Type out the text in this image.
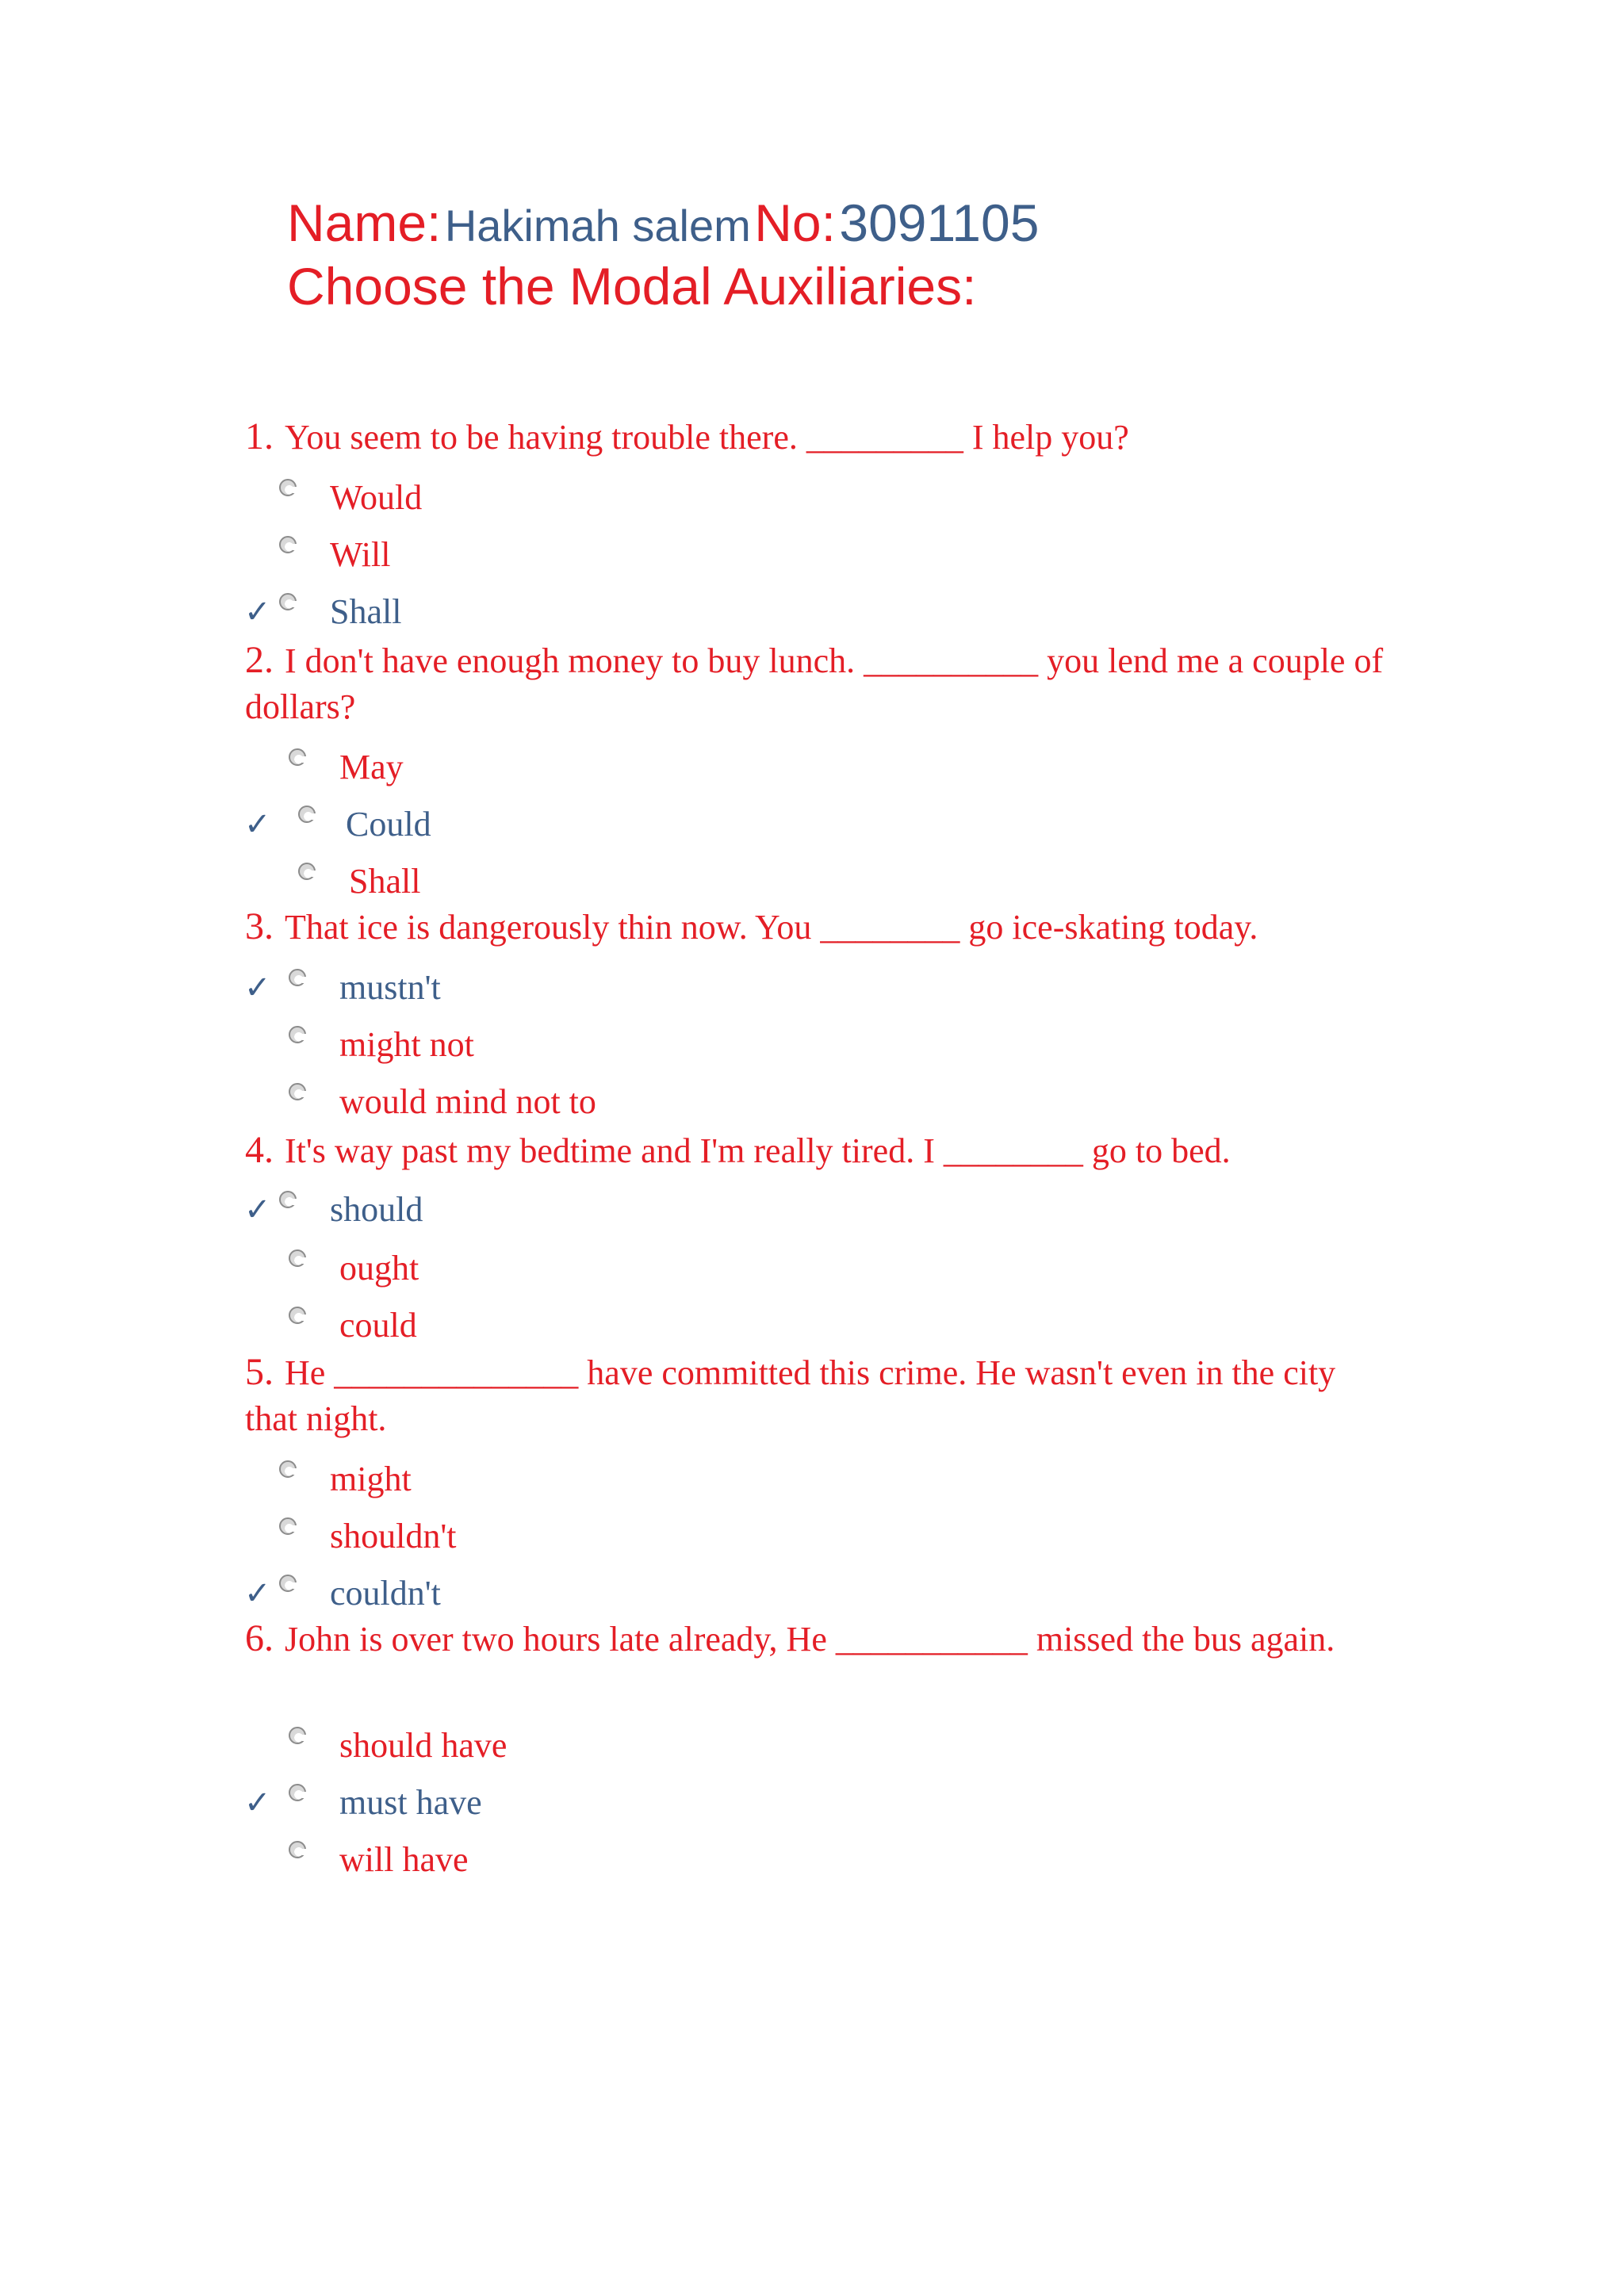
Name: Hakimah salem No: 3091105
Choose the Modal Auxiliaries:
1. You seem to be having trouble there. _________ I help you?
Would
Will
✓ Shall
2. I don't have enough money to buy lunch. __________ you lend me a couple of dollars?
May
✓ Could
Shall
3. That ice is dangerously thin now. You ________ go ice-skating today.
✓ mustn't
might not
would mind not to
4. It's way past my bedtime and I'm really tired. I ________ go to bed.
✓ should
ought
could
5. He ______________ have committed this crime. He wasn't even in the city that night.
might
shouldn't
✓ couldn't
6. John is over two hours late already, He ___________ missed the bus again.
should have
✓ must have
will have
